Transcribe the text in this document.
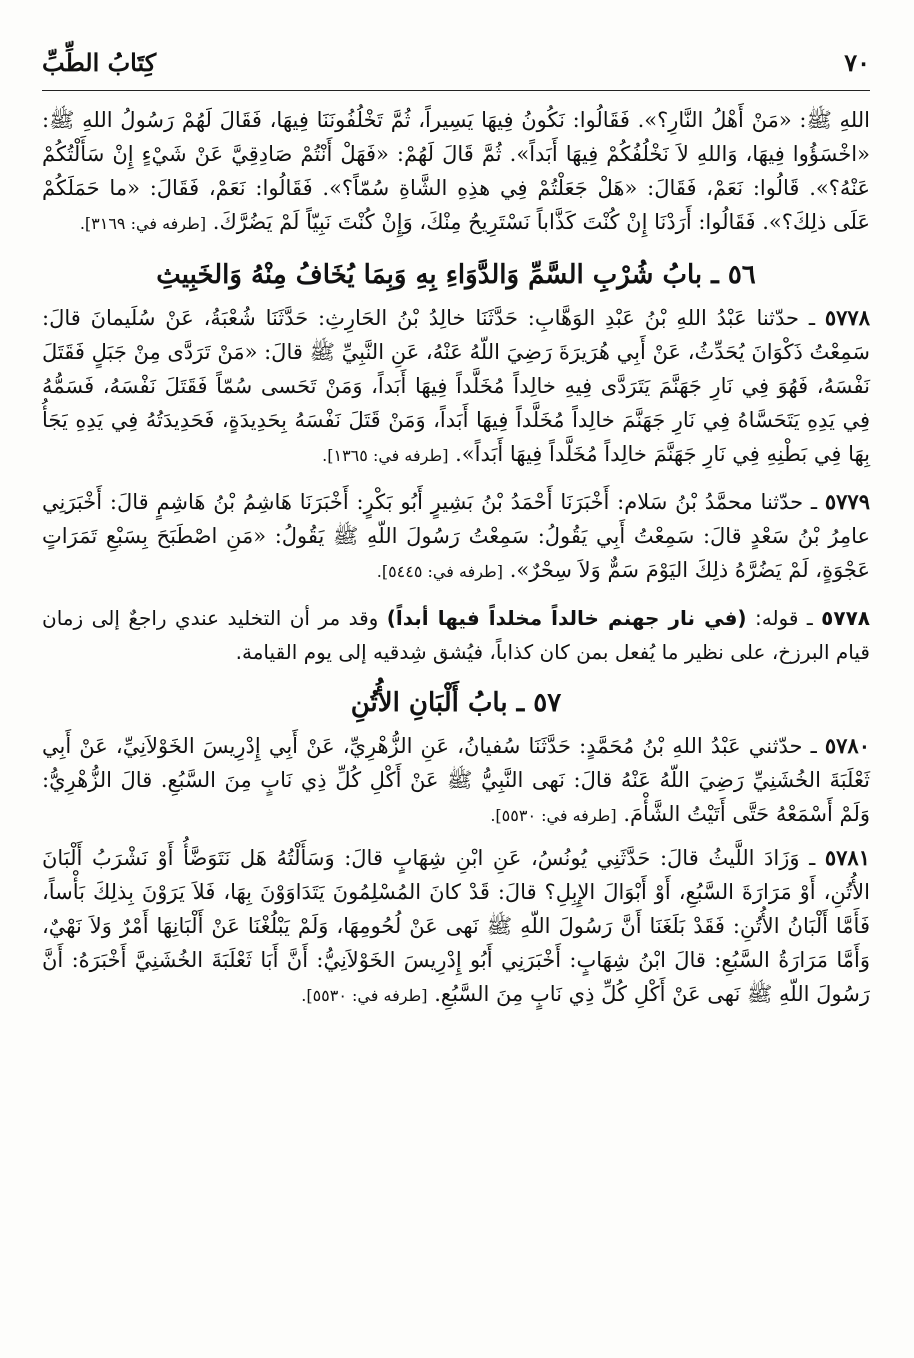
٧٠
كِتَابُ الطِّبِّ

اللهِ ﷺ: «مَنْ أَهْلُ النَّارِ؟». فَقَالُوا: نَكُونُ فِيهَا يَسِيراً، ثُمَّ تَخْلُفُونَنَا فِيهَا، فَقَالَ لَهُمْ رَسُولُ اللهِ ﷺ: «اخْسَؤُوا فِيهَا، وَاللهِ لاَ نَخْلُفُكُمْ فِيهَا أَبَداً». ثُمَّ قَالَ لَهُمْ: «فَهَلْ أَنْتُمْ صَادِقِيَّ عَنْ شَيْءٍ إِنْ سَأَلْتُكُمْ عَنْهُ؟». قَالُوا: نَعَمْ، فَقَالَ: «هَلْ جَعَلْتُمْ فِي هذِهِ الشَّاةِ سُمّاً؟». فَقَالُوا: نَعَمْ، فَقَالَ: «ما حَمَلَكُمْ عَلَى ذلِكَ؟». فَقَالُوا: أَرَدْنَا إِنْ كُنْتَ كَذَّاباً نَسْتَرِيحُ مِنْكَ، وَإِنْ كُنْتَ نَبِيّاً لَمْ يَضُرَّكَ. [طرفه في: ٣١٦٩].

٥٦ ـ بابُ شُرْبِ السَّمِّ وَالدَّوَاءِ بِهِ وَبِمَا يُخَافُ مِنْهُ وَالخَبِيثِ

٥٧٧٨ ـ حدّثنا عَبْدُ اللهِ بْنُ عَبْدِ الوَهَّابِ: حَدَّثَنَا خالِدُ بْنُ الحَارِثِ: حَدَّثَنَا شُعْبَةُ، عَنْ سُلَيمانَ قالَ: سَمِعْتُ ذَكْوَانَ يُحَدِّثُ، عَنْ أَبِي هُرَيرَةَ رَضِيَ اللّهُ عَنْهُ، عَنِ النَّبِيِّ ﷺ قالَ: «مَنْ تَرَدَّى مِنْ جَبَلٍ فَقَتَلَ نَفْسَهُ، فَهُوَ فِي نَارِ جَهَنَّمَ يَتَرَدَّى فِيهِ خالِداً مُخَلَّداً فِيهَا أَبَداً، وَمَنْ تَحَسى سُمّاً فَقَتَلَ نَفْسَهُ، فَسَمُّهُ فِي يَدِهِ يَتَحَسَّاهُ فِي نَارِ جَهَنَّمَ خالِداً مُخَلَّداً فِيهَا أَبَداً، وَمَنْ قَتَلَ نَفْسَهُ بِحَدِيدَةٍ، فَحَدِيدَتُهُ فِي يَدِهِ يَجَأُ بِهَا فِي بَطْنِهِ فِي نَارِ جَهَنَّمَ خالِداً مُخَلَّداً فِيهَا أَبَداً». [طرفه في: ١٣٦٥].

٥٧٧٩ ـ حدّثنا محمَّدُ بْنُ سَلام: أَخْبَرَنَا أَحْمَدُ بْنُ بَشِيرٍ أَبُو بَكْرٍ: أَخْبَرَنَا هَاشِمُ بْنُ هَاشِمٍ قالَ: أَخْبَرَنِي عامِرُ بْنُ سَعْدٍ قالَ: سَمِعْتُ أَبِي يَقُولُ: سَمِعْتُ رَسُولَ اللّهِ ﷺ يَقُولُ: «مَنِ اصْطَبَحَ بِسَبْعِ تَمَرَاتٍ عَجْوَةٍ، لَمْ يَضُرَّهُ ذلِكَ اليَوْمَ سَمٌّ وَلاَ سِحْرٌ». [طرفه في: ٥٤٤٥].

٥٧٧٨ ـ قوله: (في نار جهنم خالداً مخلداً فيها أبداً) وقد مر أن التخليد عندي راجعٌ إلى زمان قيام البرزخ، على نظير ما يُفعل بمن كان كذاباً، فيُشق شِدقيه إلى يوم القيامة.

٥٧ ـ بابُ أَلْبَانِ الأُتُنِ

٥٧٨٠ ـ حدّثني عَبْدُ اللهِ بْنُ مُحَمَّدٍ: حَدَّثَنَا سُفيانُ، عَنِ الزُّهْرِيِّ، عَنْ أَبِي إِدْرِيسَ الخَوْلاَنِيِّ، عَنْ أَبِي ثَعْلَبَةَ الخُشَنِيِّ رَضِيَ اللّهُ عَنْهُ قالَ: نَهى النَّبِيُّ ﷺ عَنْ أَكْلِ كُلِّ ذِي نَابٍ مِنَ السَّبُعِ. قالَ الزُّهْرِيُّ: وَلَمْ أَسْمَعْهُ حَتَّى أَتَيْتُ الشَّأْمَ. [طرفه في: ٥٥٣٠].

٥٧٨١ ـ وَزَادَ اللَّيثُ قالَ: حَدَّثَنِي يُونُسُ، عَنِ ابْنِ شِهَابٍ قالَ: وَسَأَلْتُهُ هَل نَتَوَضَّأُ أَوْ نَشْرَبُ أَلْبَانَ الأُتُنِ، أَوْ مَرَارَةَ السَّبُعِ، أَوْ أَبْوَالَ الإِبِلِ؟ قالَ: قَدْ كانَ المُسْلِمُونَ يَتَدَاوَوْنَ بِهَا، فَلاَ يَرَوْنَ بِذلِكَ بَأْساً، فَأَمَّا أَلْبَانُ الأُتُنِ: فَقَدْ بَلَغَنَا أَنَّ رَسُولَ اللّهِ ﷺ نَهى عَنْ لُحُومِهَا، وَلَمْ يَبْلُغْنَا عَنْ أَلْبَانِهَا أَمْرٌ وَلاَ نَهْيٌ، وَأَمَّا مَرَارَةُ السَّبُعِ: قالَ ابْنُ شِهَابٍ: أَخْبَرَنِي أَبُو إِدْرِيسَ الخَوْلاَنِيُّ: أَنَّ أَبَا ثَعْلَبَةَ الخُشَنِيَّ أَخْبَرَهُ: أَنَّ رَسُولَ اللّهِ ﷺ نَهى عَنْ أَكْلِ كُلِّ ذِي نَابٍ مِنَ السَّبُعِ. [طرفه في: ٥٥٣٠].
